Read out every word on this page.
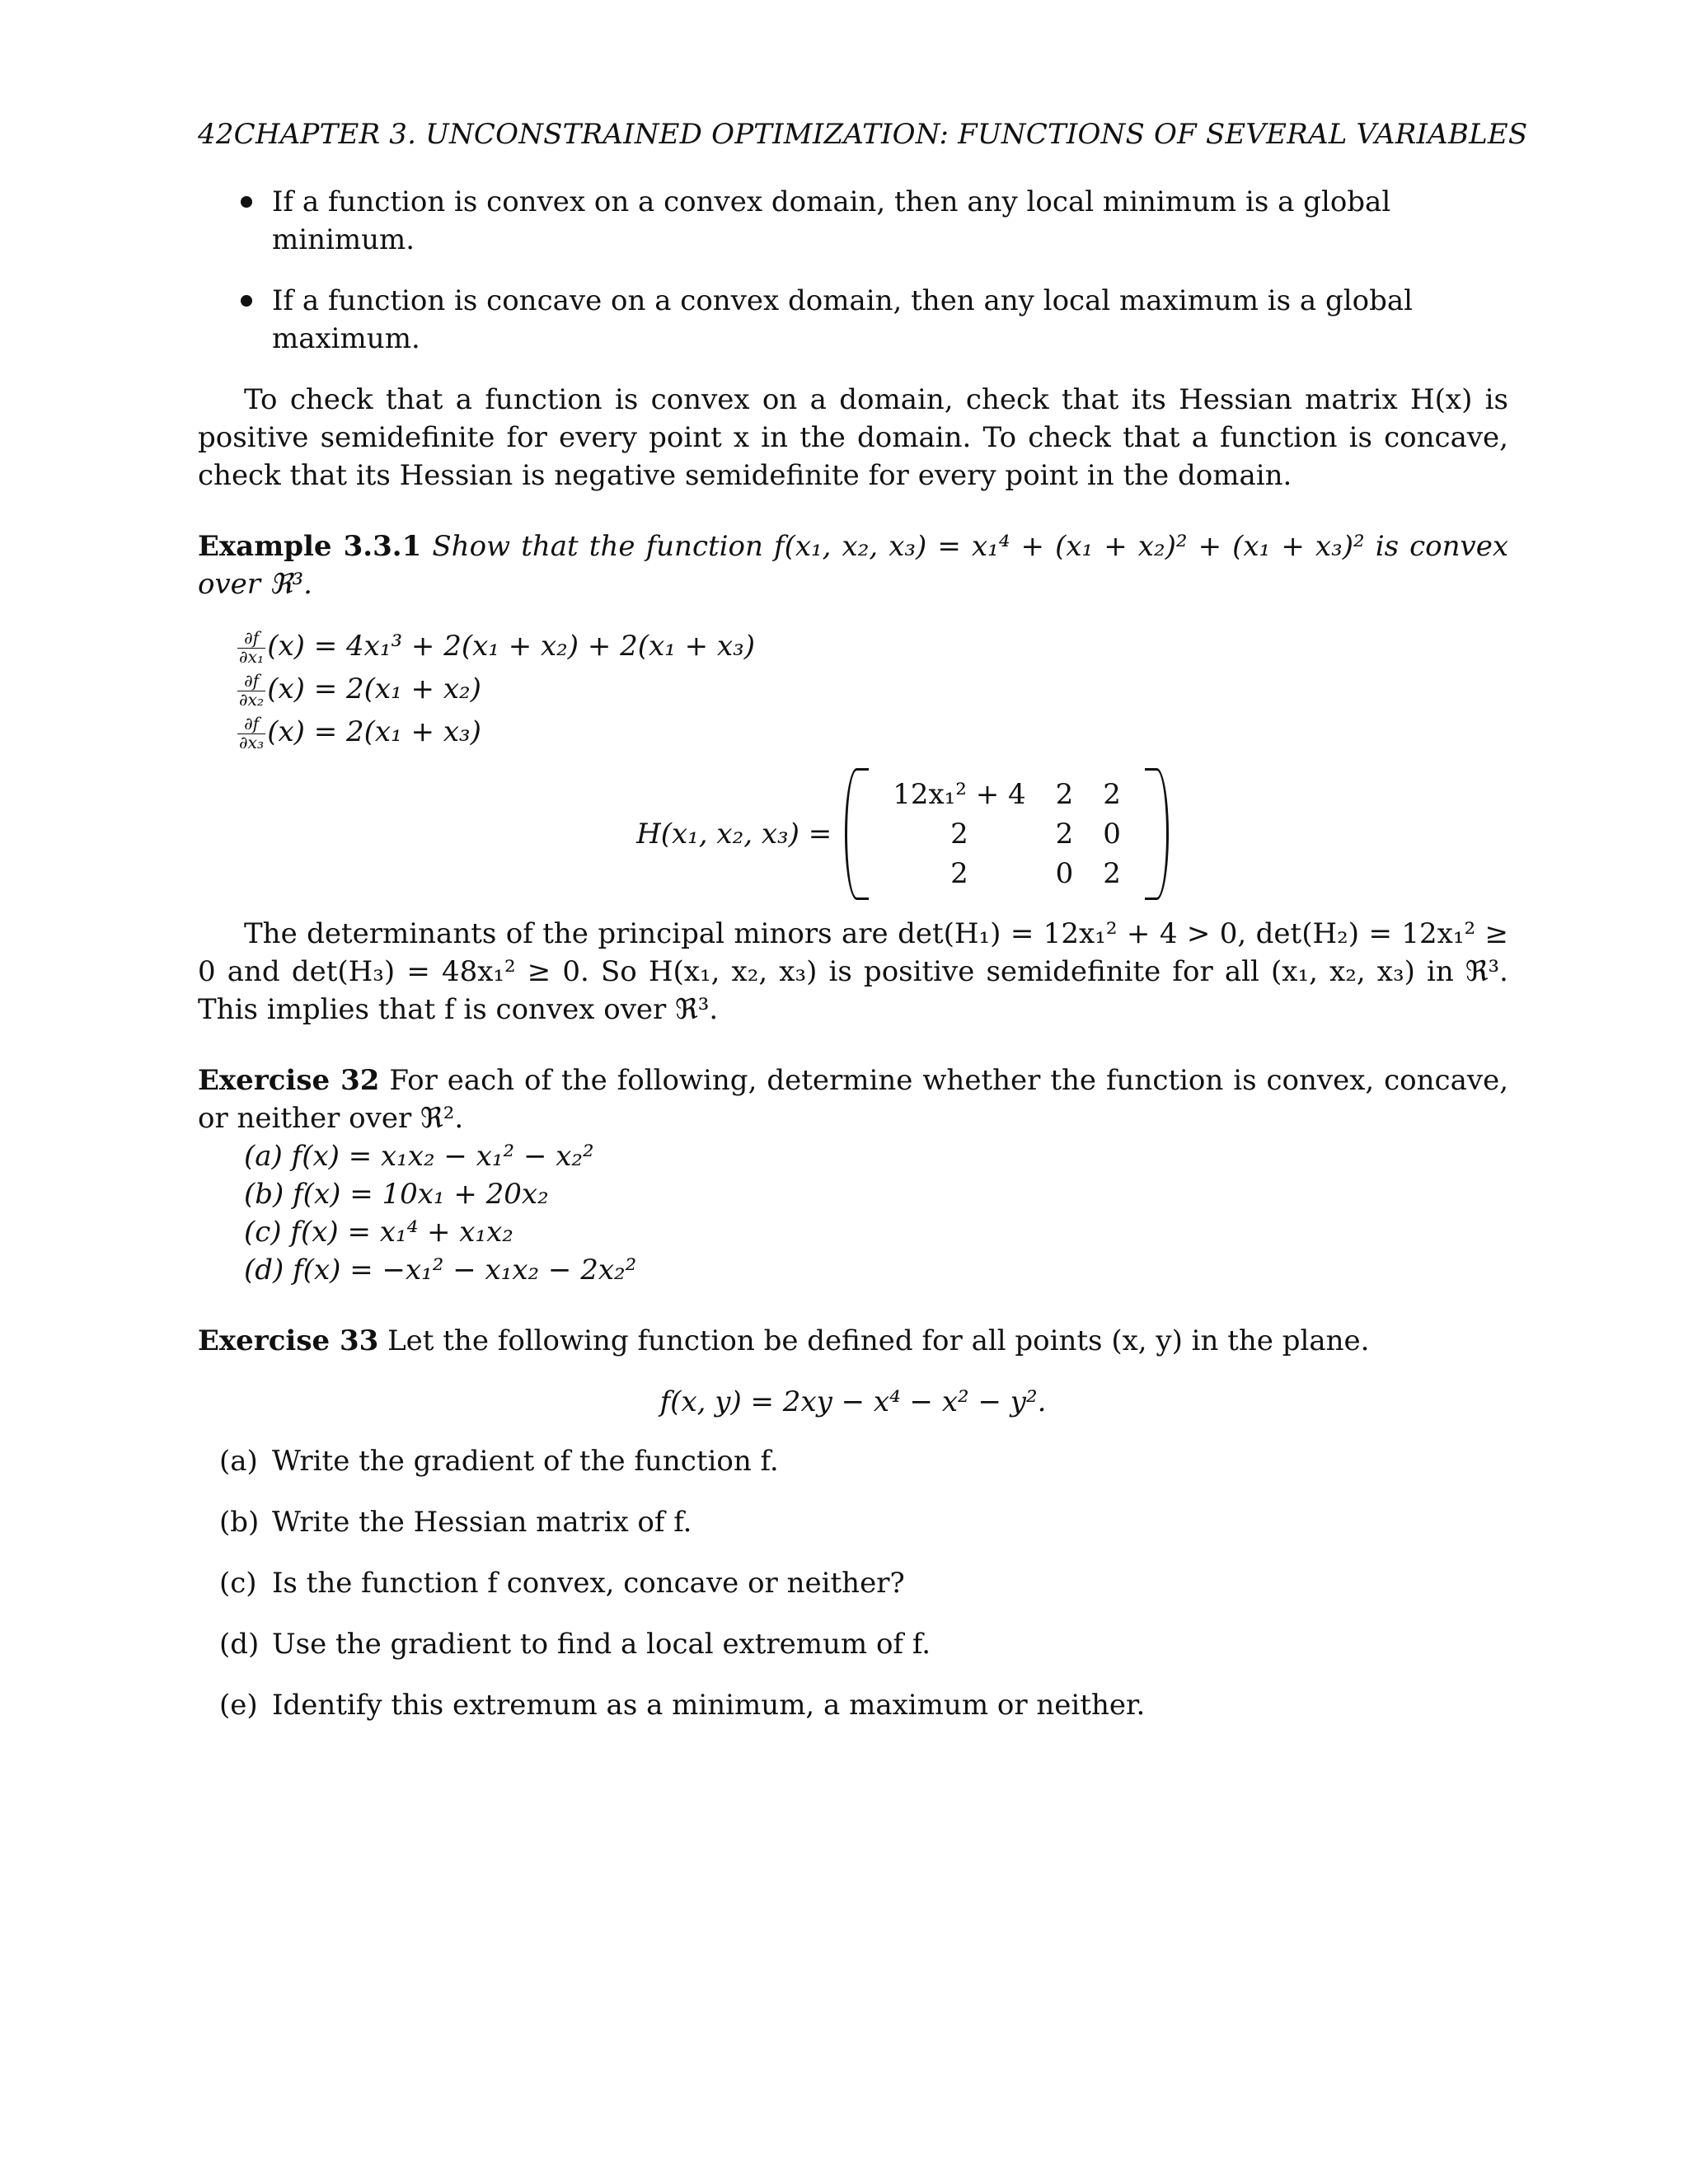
42CHAPTER 3. UNCONSTRAINED OPTIMIZATION: FUNCTIONS OF SEVERAL VARIABLES
If a function is convex on a convex domain, then any local minimum is a global minimum.
If a function is concave on a convex domain, then any local maximum is a global maximum.

To check that a function is convex on a domain, check that its Hessian matrix H(x) is positive semidefinite for every point x in the domain. To check that a function is concave, check that its Hessian is negative semidefinite for every point in the domain.

Example 3.3.1 Show that the function f(x₁, x₂, x₃) = x₁⁴ + (x₁ + x₂)² + (x₁ + x₃)² is convex over ℜ³.

$\frac{\partial f}{\text{∂x₁}} (x) = 4x_1^3 + 2(x_1 + x_2) + 2(x_1 + x_3)$
$\frac{\partial f}{\text{∂x₂}} (x) = 2(x_1 + x_2)$
$\frac{\partial f}{\text{∂x₃}} (x) = 2(x_1 + x_3)$
H(x₁, x₂, x₃) =
12x₁² + 4	2	2
2	2	0
2	0	2

The determinants of the principal minors are det(H₁) = 12x₁² + 4 > 0, det(H₂) = 12x₁² ≥ 0 and det(H₃) = 48x₁² ≥ 0. So H(x₁, x₂, x₃) is positive semidefinite for all (x₁, x₂, x₃) in ℜ³. This implies that f is convex over ℜ³.

Exercise 32 For each of the following, determine whether the function is convex, concave, or neither over ℜ².

(a) f(x) = x₁x₂ − x₁² − x₂²
(b) f(x) = 10x₁ + 20x₂
(c) f(x) = x₁⁴ + x₁x₂
(d) f(x) = −x₁² − x₁x₂ − 2x₂²

Exercise 33 Let the following function be defined for all points (x, y) in the plane.

f(x, y) = 2xy − x⁴ − x² − y².
(a) Write the gradient of the function f.
(b) Write the Hessian matrix of f.
(c) Is the function f convex, concave or neither?
(d) Use the gradient to find a local extremum of f.
(e) Identify this extremum as a minimum, a maximum or neither.
